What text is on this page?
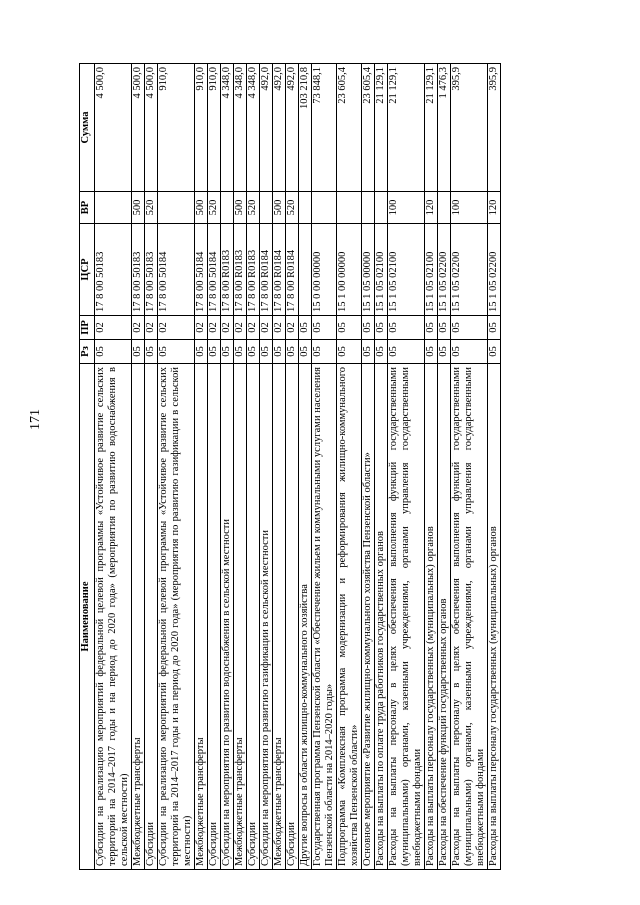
171
Наименование	Рз	ПР	ЦСР	ВР	Сумма
Субсидии на реализацию мероприятий федеральной целевой программы «Устойчивое развитие сельских территорий на 2014–2017 годы и на период до 2020 года» (мероприятия по развитию водоснабжения в сельской местности)	05	02	17 8 00 50183		4 500,0
Межбюджетные трансферты	05	02	17 8 00 50183	500	4 500,0
Субсидии	05	02	17 8 00 50183	520	4 500,0
Субсидии на реализацию мероприятий федеральной целевой программы «Устойчивое развитие сельских территорий на 2014–2017 годы и на период до 2020 года» (мероприятия по развитию газификации в сельской местности)	05	02	17 8 00 50184		910,0
Межбюджетные трансферты	05	02	17 8 00 50184	500	910,0
Субсидии	05	02	17 8 00 50184	520	910,0
Субсидии на мероприятия по развитию водоснабжения в сельской местности	05	02	17 8 00 R0183		4 348,0
Межбюджетные трансферты	05	02	17 8 00 R0183	500	4 348,0
Субсидии	05	02	17 8 00 R0183	520	4 348,0
Субсидии на мероприятия по развитию газификации в сельской местности	05	02	17 8 00 R0184		492,0
Межбюджетные трансферты	05	02	17 8 00 R0184	500	492,0
Субсидии	05	02	17 8 00 R0184	520	492,0
Другие вопросы в области жилищно-коммунального хозяйства	05	05			103 210,8
Государственная программа Пензенской области «Обеспечение жильем и коммунальными услугами населения Пензенской области на 2014–2020 годы»	05	05	15 0 00 00000		73 848,1
Подпрограмма «Комплексная программа модернизации и реформирования жилищно-коммунального хозяйства Пензенской области»	05	05	15 1 00 00000		23 605,4
Основное мероприятие «Развитие жилищно-коммунального хозяйства Пензенской области»	05	05	15 1 05 00000		23 605,4
Расходы на выплаты по оплате труда работников государственных органов	05	05	15 1 05 02100		21 129,1
Расходы на выплаты персоналу в целях обеспечения выполнения функций государственными (муниципальными) органами, казенными учреждениями, органами управления государственными внебюджетными фондами	05	05	15 1 05 02100	100	21 129,1
Расходы на выплаты персоналу государственных (муниципальных) органов	05	05	15 1 05 02100	120	21 129,1
Расходы на обеспечение функций государственных органов	05	05	15 1 05 02200		1 476,3
Расходы на выплаты персоналу в целях обеспечения выполнения функций государственными (муниципальными) органами, казенными учреждениями, органами управления государственными внебюджетными фондами	05	05	15 1 05 02200	100	395,9
Расходы на выплаты персоналу государственных (муниципальных) органов	05	05	15 1 05 02200	120	395,9
